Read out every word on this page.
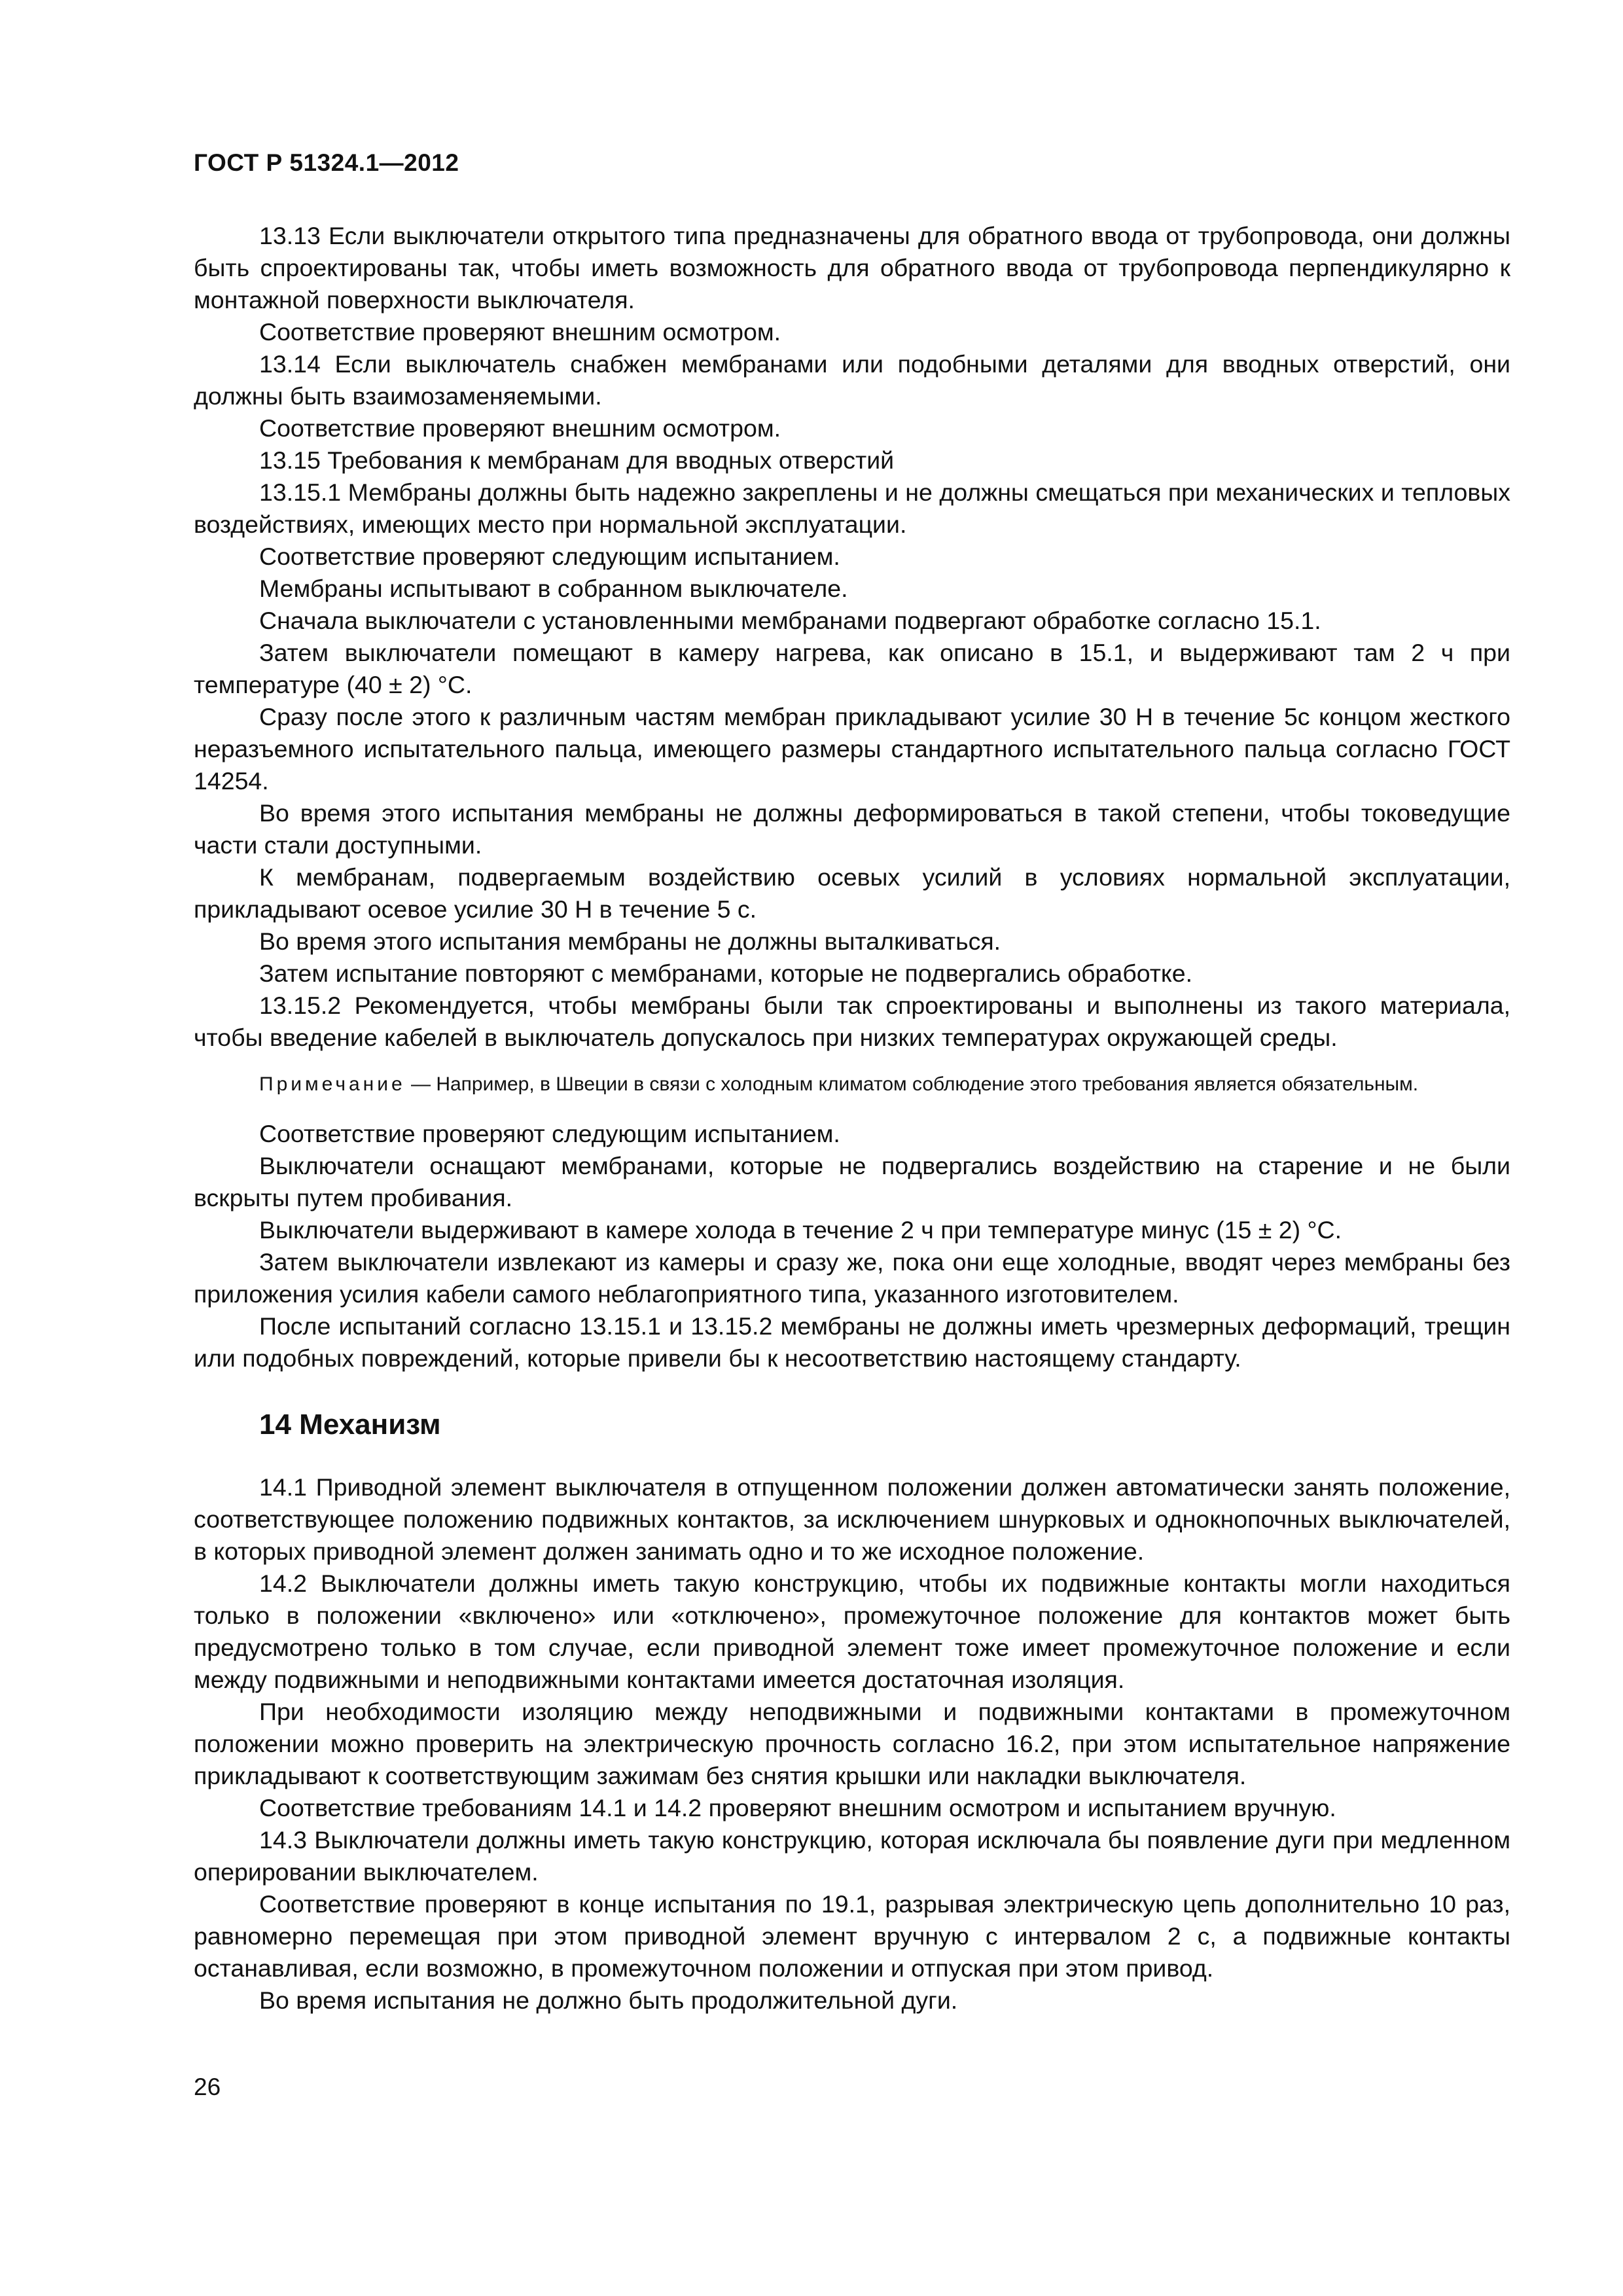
ГОСТ Р 51324.1—2012

13.13 Если выключатели открытого типа предназначены для обратного ввода от трубопровода, они должны быть спроектированы так, чтобы иметь возможность для обратного ввода от трубопровода перпендикулярно к монтажной поверхности выключателя.

Соответствие проверяют внешним осмотром.

13.14 Если выключатель снабжен мембранами или подобными деталями для вводных отверстий, они должны быть взаимозаменяемыми.

Соответствие проверяют внешним осмотром.

13.15 Требования к мембранам для вводных отверстий

13.15.1 Мембраны должны быть надежно закреплены и не должны смещаться при механических и тепловых воздействиях, имеющих место при нормальной эксплуатации.

Соответствие проверяют следующим испытанием.

Мембраны испытывают в собранном выключателе.

Сначала выключатели с установленными мембранами подвергают обработке согласно 15.1.

Затем выключатели помещают в камеру нагрева, как описано в 15.1, и выдерживают там 2 ч при температуре (40 ± 2) °С.

Сразу после этого к различным частям мембран прикладывают усилие 30 Н в течение 5с концом жесткого неразъемного испытательного пальца, имеющего размеры стандартного испытательного пальца согласно ГОСТ 14254.

Во время этого испытания мембраны не должны деформироваться в такой степени, чтобы токоведущие части стали доступными.

К мембранам, подвергаемым воздействию осевых усилий в условиях нормальной эксплуатации, прикладывают осевое усилие 30 Н в течение 5 с.

Во время этого испытания мембраны не должны выталкиваться.

Затем испытание повторяют с мембранами, которые не подвергались обработке.

13.15.2 Рекомендуется, чтобы мембраны были так спроектированы и выполнены из такого материала, чтобы введение кабелей в выключатель допускалось при низких температурах окружающей среды.

Примечание — Например, в Швеции в связи с холодным климатом соблюдение этого требования является обязательным.

Соответствие проверяют следующим испытанием.

Выключатели оснащают мембранами, которые не подвергались воздействию на старение и не были вскрыты путем пробивания.

Выключатели выдерживают в камере холода в течение 2 ч при температуре минус (15 ± 2) °С.

Затем выключатели извлекают из камеры и сразу же, пока они еще холодные, вводят через мембраны без приложения усилия кабели самого неблагоприятного типа, указанного изготовителем.

После испытаний согласно 13.15.1 и 13.15.2 мембраны не должны иметь чрезмерных деформаций, трещин или подобных повреждений, которые привели бы к несоответствию настоящему стандарту.

14 Механизм

14.1 Приводной элемент выключателя в отпущенном положении должен автоматически занять положение, соответствующее положению подвижных контактов, за исключением шнурковых и однокнопочных выключателей, в которых приводной элемент должен занимать одно и то же исходное положение.

14.2 Выключатели должны иметь такую конструкцию, чтобы их подвижные контакты могли находиться только в положении «включено» или «отключено», промежуточное положение для контактов может быть предусмотрено только в том случае, если приводной элемент тоже имеет промежуточное положение и если между подвижными и неподвижными контактами имеется достаточная изоляция.

При необходимости изоляцию между неподвижными и подвижными контактами в промежуточном положении можно проверить на электрическую прочность согласно 16.2, при этом испытательное напряжение прикладывают к соответствующим зажимам без снятия крышки или накладки выключателя.

Соответствие требованиям 14.1 и 14.2 проверяют внешним осмотром и испытанием вручную.

14.3 Выключатели должны иметь такую конструкцию, которая исключала бы появление дуги при медленном оперировании выключателем.

Соответствие проверяют в конце испытания по 19.1, разрывая электрическую цепь дополнительно 10 раз, равномерно перемещая при этом приводной элемент вручную с интервалом 2 с, а подвижные контакты останавливая, если возможно, в промежуточном положении и отпуская при этом привод.

Во время испытания не должно быть продолжительной дуги.

26
